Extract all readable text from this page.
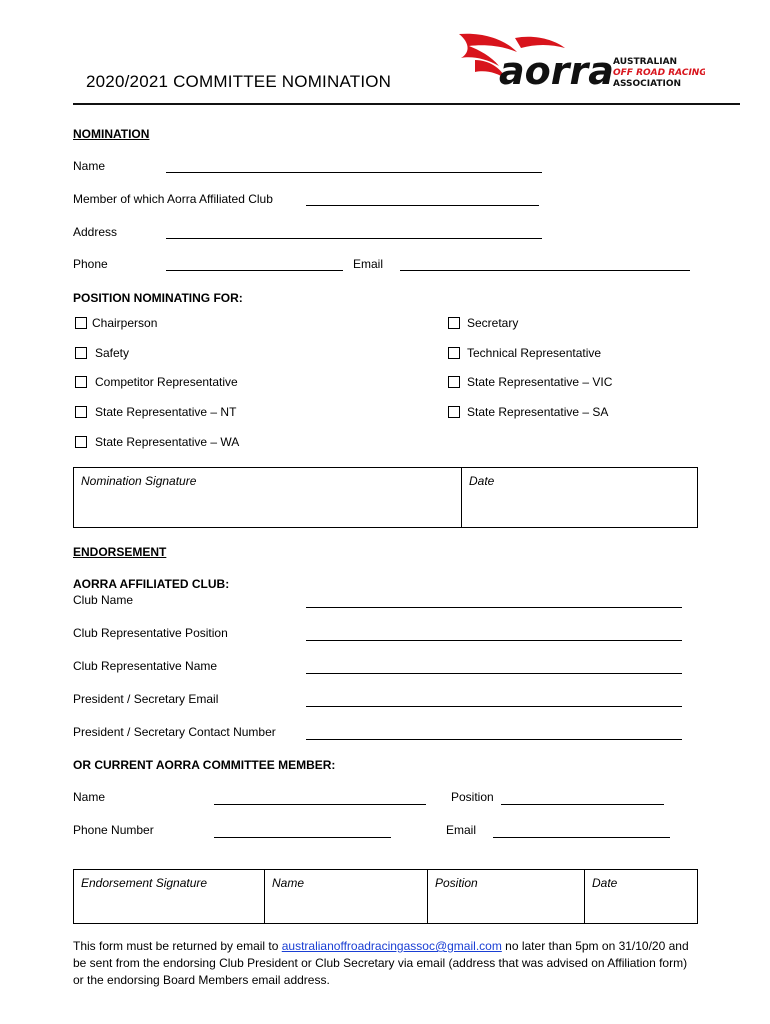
2020/2021 COMMITTEE NOMINATION	aorra AUSTRALIAN
OFF ROAD RACING
ASSOCIATION
NOMINATION
Name
Member of which Aorra Affiliated Club
Address
Phone	Email
POSITION NOMINATING FOR:
Chairperson
Safety
Competitor Representative
State Representative – NT
State Representative – WA
Secretary
Technical Representative
State Representative – VIC
State Representative – SA
Nomination Signature	Date
ENDORSEMENT
AORRA AFFILIATED CLUB:
Club Name
Club Representative Position
Club Representative Name
President / Secretary Email
President / Secretary Contact Number
OR CURRENT AORRA COMMITTEE MEMBER:
Name	Position
Phone Number	Email
Endorsement Signature	Name	Position	Date
This form must be returned by email to australianoffroadracingassoc@gmail.com no later than 5pm on 31/10/20 and be sent from the endorsing Club President or Club Secretary via email (address that was advised on Affiliation form) or the endorsing Board Members email address.
